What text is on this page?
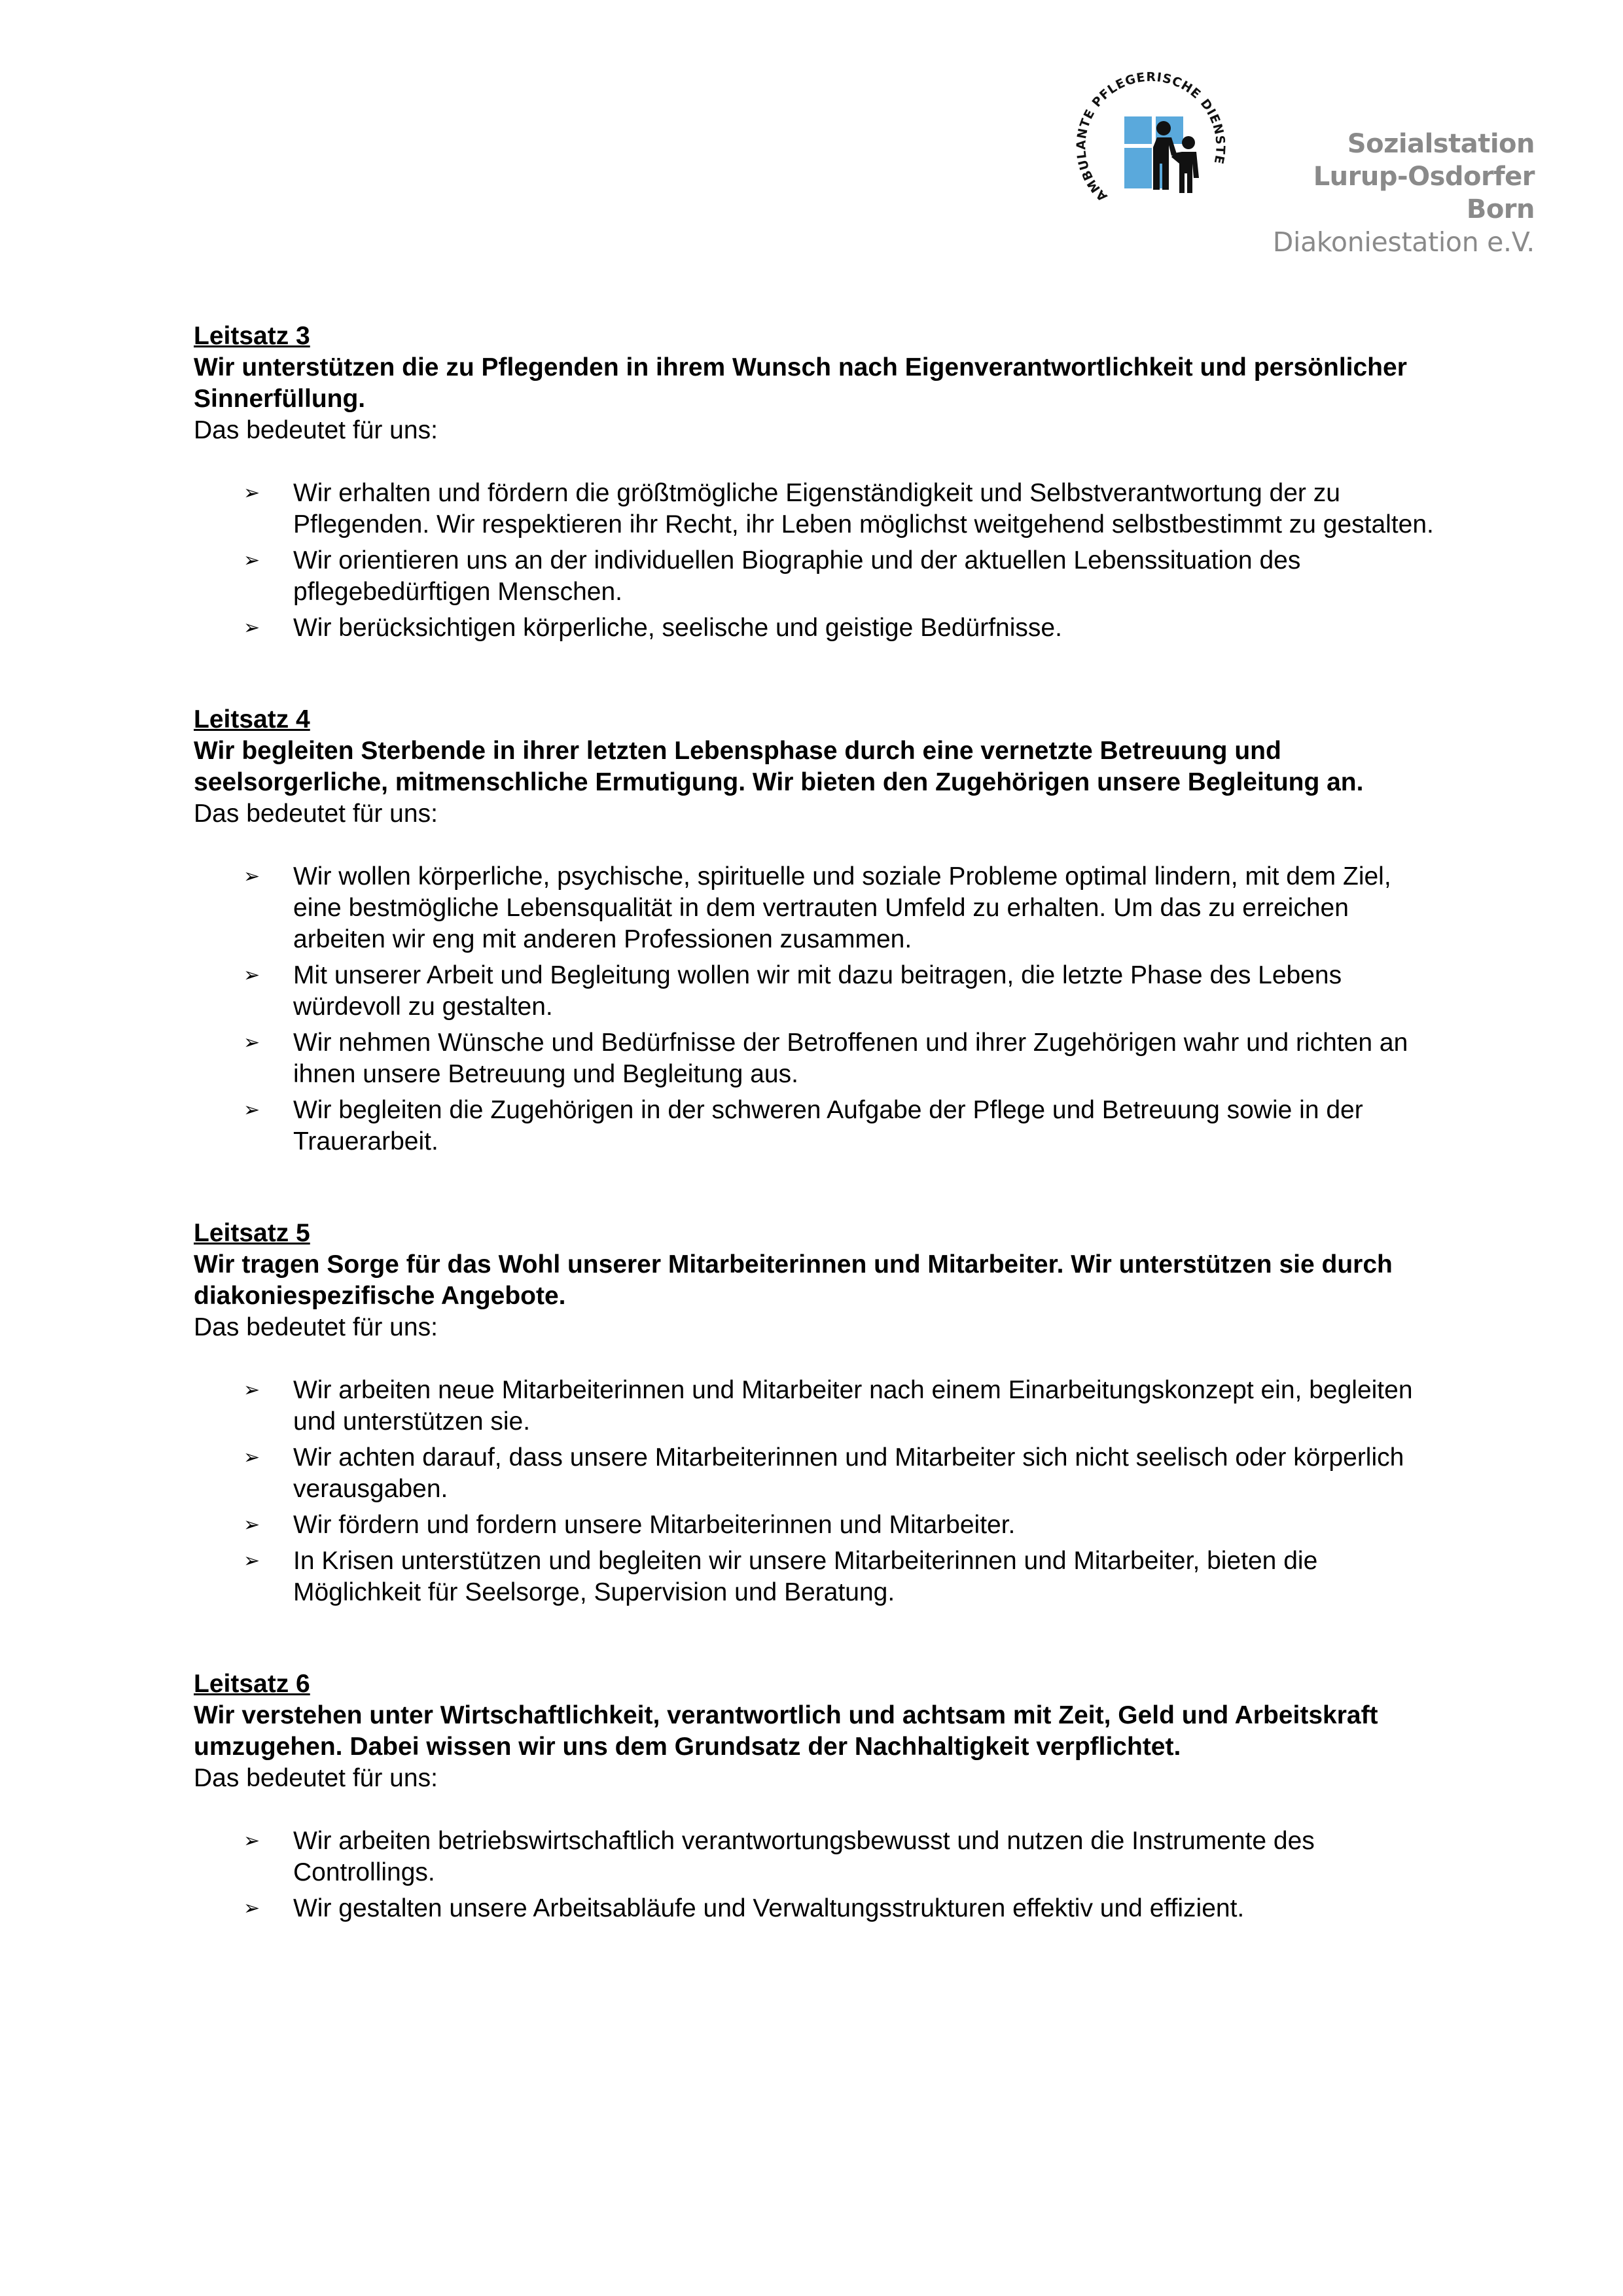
AMBULANTE PFLEGERISCHE DIENSTE
Sozialstation
Lurup-Osdorfer Born
Diakoniestation e.V.
Leitsatz 3
Wir unterstützen die zu Pflegenden in ihrem Wunsch nach Eigenverantwortlichkeit und persönlicher Sinnerfüllung.
Das bedeutet für uns:
➢ Wir erhalten und fördern die größtmögliche Eigenständigkeit und Selbstverantwortung der zu Pflegenden. Wir respektieren ihr Recht, ihr Leben möglichst weitgehend selbstbestimmt zu gestalten.
➢ Wir orientieren uns an der individuellen Biographie und der aktuellen Lebenssituation des pflegebedürftigen Menschen.
➢ Wir berücksichtigen körperliche, seelische und geistige Bedürfnisse.
Leitsatz 4
Wir begleiten Sterbende in ihrer letzten Lebensphase durch eine vernetzte Betreuung und seelsorgerliche, mitmenschliche Ermutigung. Wir bieten den Zugehörigen unsere Begleitung an.
Das bedeutet für uns:
➢ Wir wollen körperliche, psychische, spirituelle und soziale Probleme optimal lindern, mit dem Ziel, eine bestmögliche Lebensqualität in dem vertrauten Umfeld zu erhalten. Um das zu erreichen arbeiten wir eng mit anderen Professionen zusammen.
➢ Mit unserer Arbeit und Begleitung wollen wir mit dazu beitragen, die letzte Phase des Lebens würdevoll zu gestalten.
➢ Wir nehmen Wünsche und Bedürfnisse der Betroffenen und ihrer Zugehörigen wahr und richten an ihnen unsere Betreuung und Begleitung aus.
➢ Wir begleiten die Zugehörigen in der schweren Aufgabe der Pflege und Betreuung sowie in der Trauerarbeit.
Leitsatz 5
Wir tragen Sorge für das Wohl unserer Mitarbeiterinnen und Mitarbeiter. Wir unterstützen sie durch diakoniespezifische Angebote.
Das bedeutet für uns:
➢ Wir arbeiten neue Mitarbeiterinnen und Mitarbeiter nach einem Einarbeitungskonzept ein, begleiten und unterstützen sie.
➢ Wir achten darauf, dass unsere Mitarbeiterinnen und Mitarbeiter sich nicht seelisch oder körperlich verausgaben.
➢ Wir fördern und fordern unsere Mitarbeiterinnen und Mitarbeiter.
➢ In Krisen unterstützen und begleiten wir unsere Mitarbeiterinnen und Mitarbeiter, bieten die Möglichkeit für Seelsorge, Supervision und Beratung.
Leitsatz 6
Wir verstehen unter Wirtschaftlichkeit, verantwortlich und achtsam mit Zeit, Geld und Arbeitskraft umzugehen. Dabei wissen wir uns dem Grundsatz der Nachhaltigkeit verpflichtet.
Das bedeutet für uns:
➢ Wir arbeiten betriebswirtschaftlich verantwortungsbewusst und nutzen die Instrumente des Controllings.
➢ Wir gestalten unsere Arbeitsabläufe und Verwaltungsstrukturen effektiv und effizient.
